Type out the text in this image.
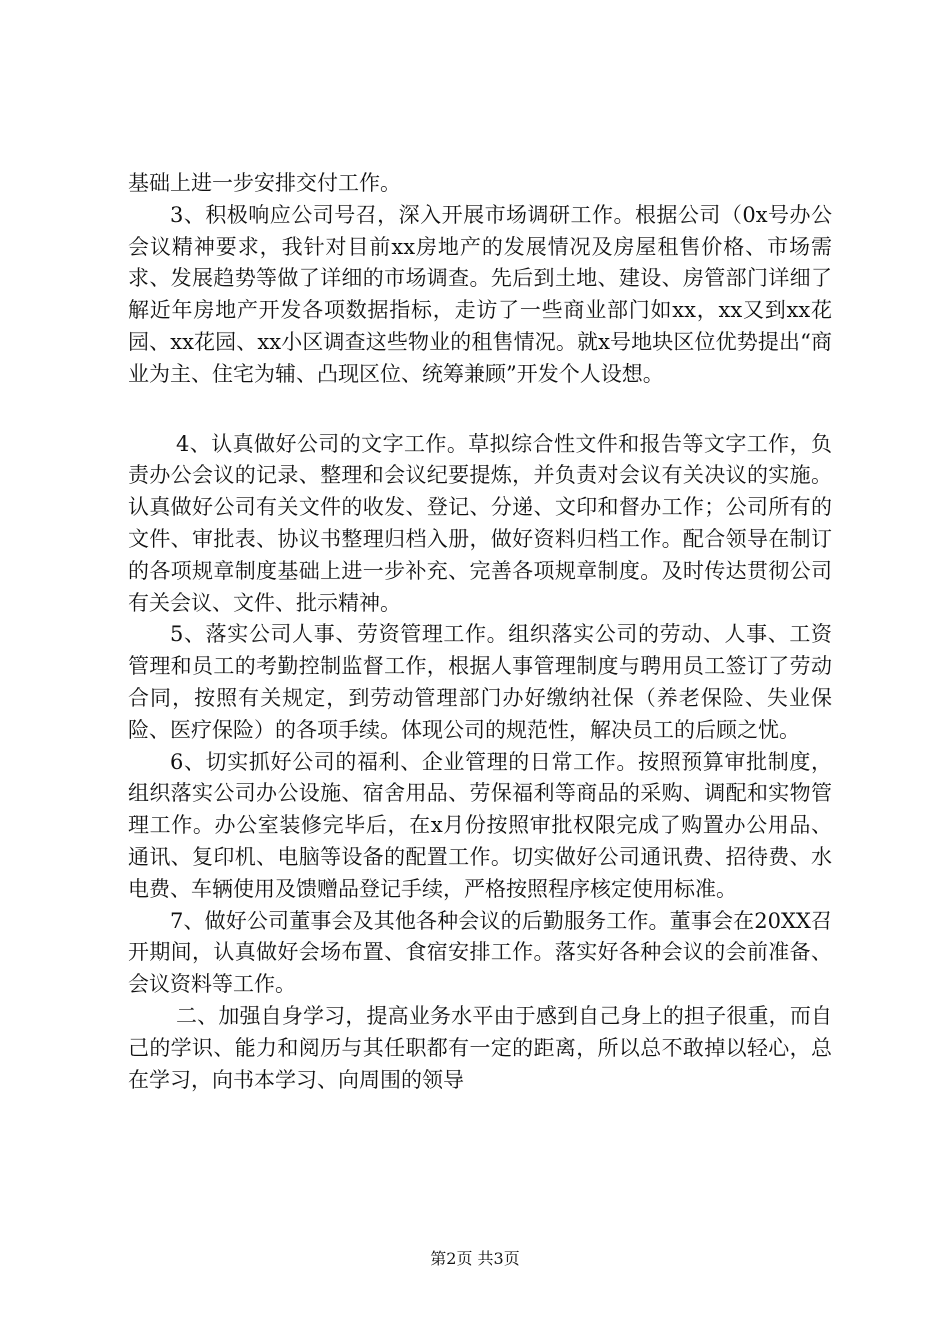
基础上进一步安排交付工作。

3、积极响应公司号召，深入开展市场调研工作。根据公司（0x号办公会议精神要求，我针对目前xx房地产的发展情况及房屋租售价格、市场需求、发展趋势等做了详细的市场调查。先后到土地、建设、房管部门详细了解近年房地产开发各项数据指标，走访了一些商业部门如xx，xx又到xx花园、xx花园、xx小区调查这些物业的租售情况。就x号地块区位优势提出“商业为主、住宅为辅、凸现区位、统筹兼顾”开发个人设想。

4、认真做好公司的文字工作。草拟综合性文件和报告等文字工作，负责办公会议的记录、整理和会议纪要提炼，并负责对会议有关决议的实施。认真做好公司有关文件的收发、登记、分递、文印和督办工作；公司所有的文件、审批表、协议书整理归档入册，做好资料归档工作。配合领导在制订的各项规章制度基础上进一步补充、完善各项规章制度。及时传达贯彻公司有关会议、文件、批示精神。

5、落实公司人事、劳资管理工作。组织落实公司的劳动、人事、工资管理和员工的考勤控制监督工作，根据人事管理制度与聘用员工签订了劳动合同，按照有关规定，到劳动管理部门办好缴纳社保（养老保险、失业保险、医疗保险）的各项手续。体现公司的规范性，解决员工的后顾之忧。

6、切实抓好公司的福利、企业管理的日常工作。按照预算审批制度，组织落实公司办公设施、宿舍用品、劳保福利等商品的采购、调配和实物管理工作。办公室装修完毕后，在x月份按照审批权限完成了购置办公用品、通讯、复印机、电脑等设备的配置工作。切实做好公司通讯费、招待费、水电费、车辆使用及馈赠品登记手续，严格按照程序核定使用标准。

7、做好公司董事会及其他各种会议的后勤服务工作。董事会在20XX召开期间，认真做好会场布置、食宿安排工作。落实好各种会议的会前准备、会议资料等工作。

二、加强自身学习，提高业务水平由于感到自己身上的担子很重，而自己的学识、能力和阅历与其任职都有一定的距离，所以总不敢掉以轻心，总在学习，向书本学习、向周围的领导

第2页 共3页
